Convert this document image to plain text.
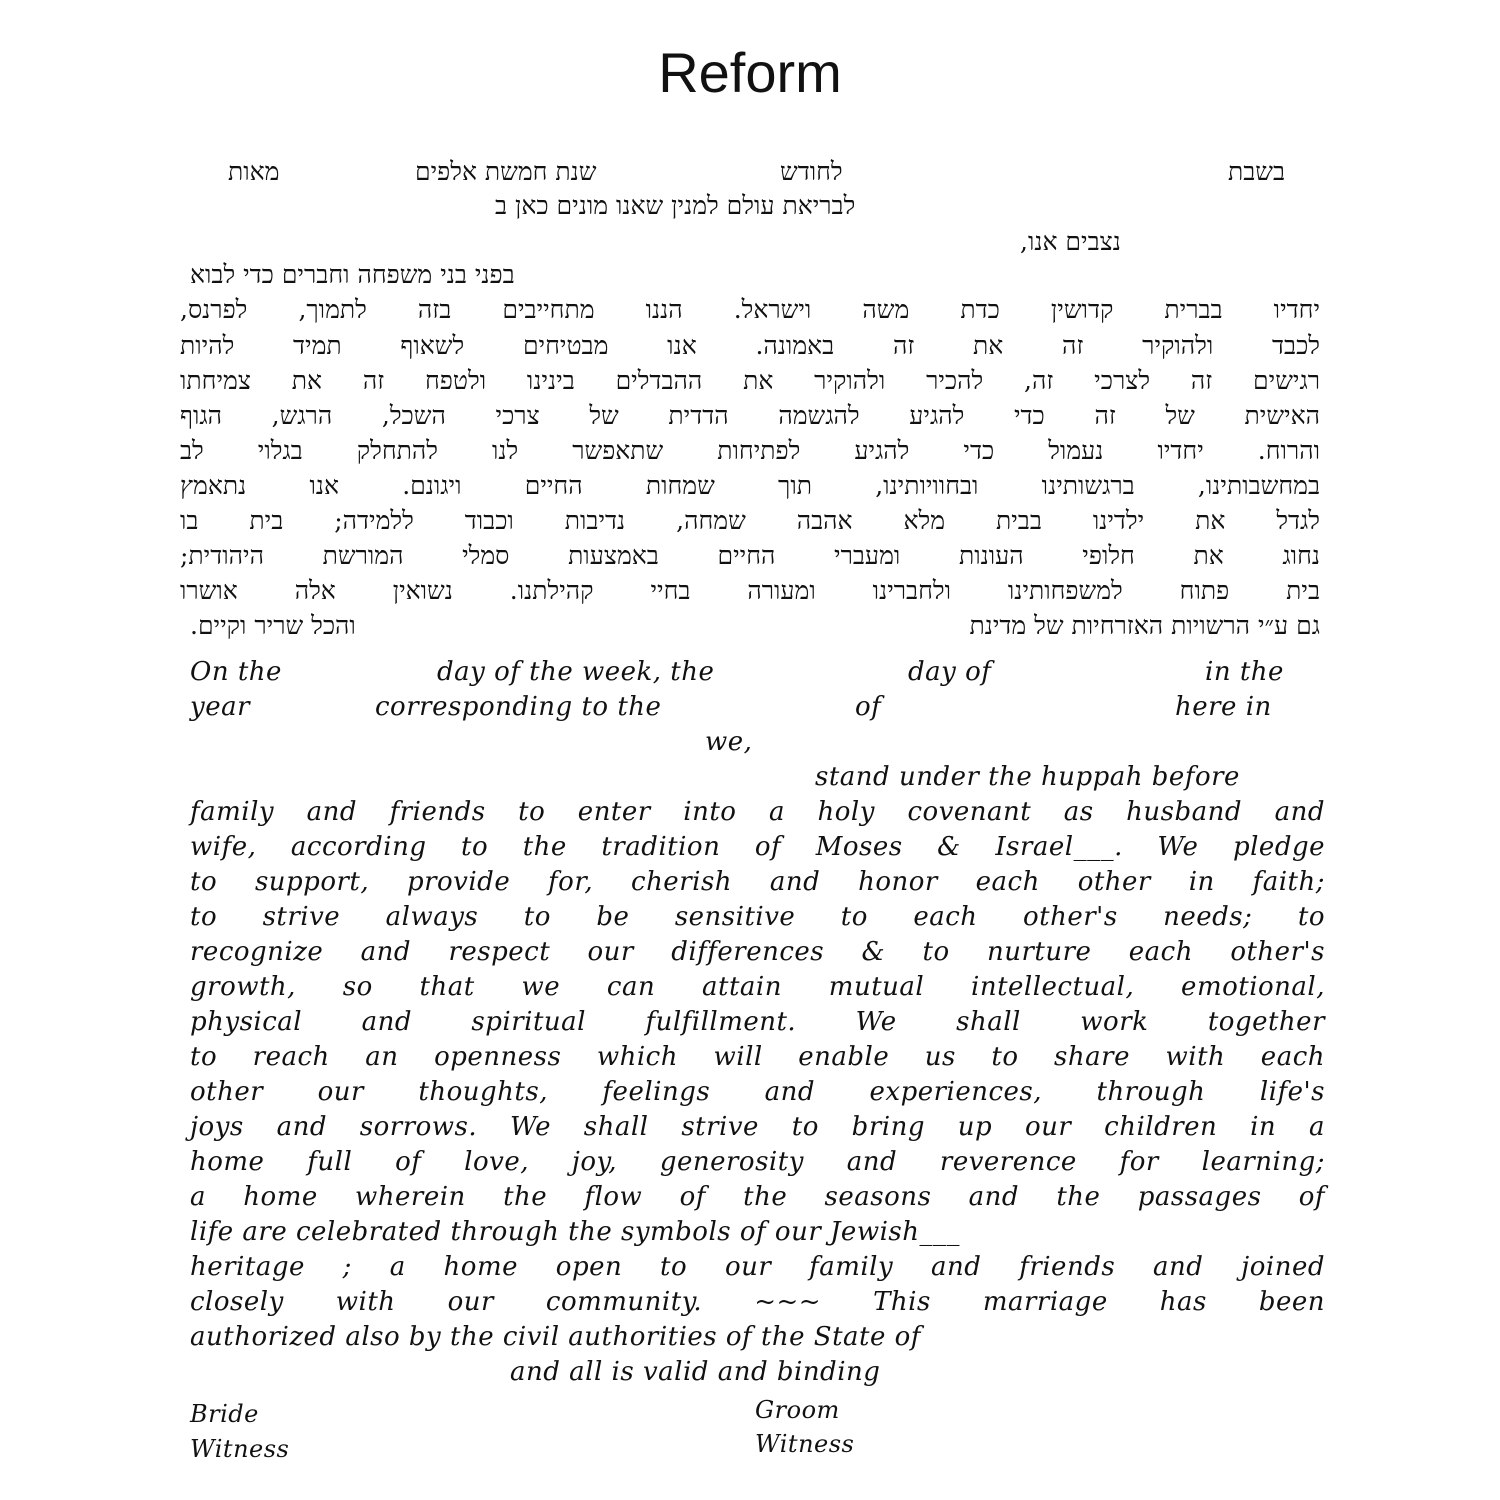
Reform
בשבת
לחודש
שנת חמשת אלפים
מאות
לבריאת עולם למנין שאנו מונים כאן ב
נצבים אנו,
בפני בני משפחה וחברים כדי לבוא
יחדיו בברית קדושין כדת משה וישראל. הננו מתחייבים בזה לתמוך, לפרנס,
לכבד ולהוקיר זה את זה באמונה. אנו מבטיחים לשאוף תמיד להיות
רגישים זה לצרכי זה, להכיר ולהוקיר את ההבדלים בינינו ולטפח זה את צמיחתו
האישית של זה כדי להגיע להגשמה הדדית של צרכי השכל, הרגש, הגוף
והרוח. יחדיו נעמול כדי להגיע לפתיחות שתאפשר לנו להתחלק בגלוי לב
במחשבותינו, ברגשותינו ובחוויותינו, תוך שמחות החיים ויגונם. אנו נתאמץ
לגדל את ילדינו בבית מלא אהבה שמחה, נדיבות וכבוד ללמידה; בית בו
נחוג את חלופי העונות ומעברי החיים באמצעות סמלי המורשת היהודית;
בית פתוח למשפחותינו ולחברינו ומעורה בחיי קהילתנו. נשואין אלה אושרו
גם ע״י הרשויות האזרחיות של מדינת
והכל שריר וקיים.
On the	day of the week, the	day of	in the
year	corresponding to the	of	here in
we,
stand under the huppah before
family and friends to enter into a holy covenant as husband and
wife, according to the tradition of Moses & Israel___. We pledge
to support, provide for, cherish and honor each other in faith;
to strive always to be sensitive to each other's needs; to
recognize and respect our differences & to nurture each other's
growth, so that we can attain mutual intellectual, emotional,
physical and spiritual fulfillment. We shall work together
to reach an openness which will enable us to share with each
other our thoughts, feelings and experiences, through life's
joys and sorrows. We shall strive to bring up our children in a
home full of love, joy, generosity and reverence for learning;
a home wherein the flow of the seasons and the passages of
life are celebrated through the symbols of our Jewish___
heritage ; a home open to our family and friends and joined
closely with our community. ~~~ This marriage has been
authorized also by the civil authorities of the State of
and all is valid and binding
Bride	Groom
Witness	Witness
